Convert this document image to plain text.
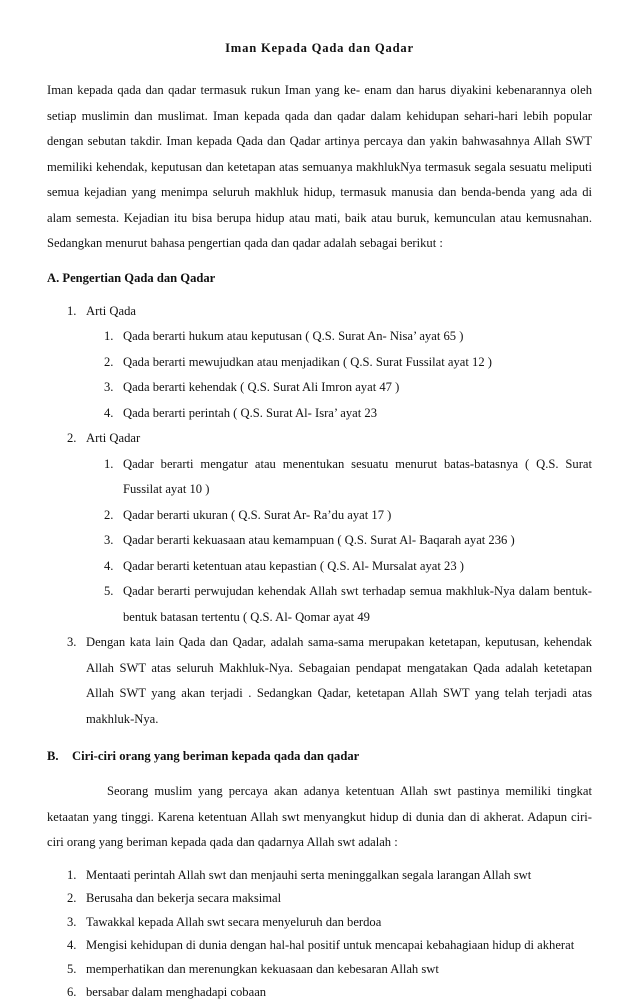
Iman Kepada Qada dan Qadar

Iman kepada qada dan qadar termasuk rukun Iman yang ke- enam dan harus diyakini kebenarannya oleh setiap muslimin dan muslimat. Iman kepada qada dan qadar dalam kehidupan sehari-hari lebih popular dengan sebutan takdir. Iman kepada Qada dan Qadar artinya percaya dan yakin bahwasahnya Allah SWT memiliki kehendak, keputusan dan ketetapan atas semuanya makhlukNya termasuk segala sesuatu meliputi semua kejadian yang menimpa seluruh makhluk hidup, termasuk manusia dan benda-benda yang ada di alam semesta. Kejadian itu bisa berupa hidup atau mati, baik atau buruk, kemunculan atau kemusnahan. Sedangkan menurut bahasa pengertian qada dan qadar adalah sebagai berikut :

A. Pengertian Qada dan Qadar
1. Arti Qada
1. Qada berarti hukum atau keputusan ( Q.S. Surat An- Nisa’ ayat 65 )
2. Qada berarti mewujudkan atau menjadikan ( Q.S. Surat Fussilat ayat 12 )
3. Qada berarti kehendak ( Q.S. Surat Ali Imron ayat 47 )
4. Qada berarti perintah ( Q.S. Surat Al- Isra’ ayat 23
2. Arti Qadar
1. Qadar berarti mengatur atau menentukan sesuatu menurut batas-batasnya ( Q.S. Surat Fussilat ayat 10 )
2. Qadar berarti ukuran ( Q.S. Surat Ar- Ra’du ayat 17 )
3. Qadar berarti kekuasaan atau kemampuan ( Q.S. Surat Al- Baqarah ayat 236 )
4. Qadar berarti ketentuan atau kepastian ( Q.S. Al- Mursalat ayat 23 )
5. Qadar berarti perwujudan kehendak Allah swt terhadap semua makhluk-Nya dalam bentuk-bentuk batasan tertentu ( Q.S. Al- Qomar ayat 49
3. Dengan kata lain Qada dan Qadar, adalah sama-sama merupakan ketetapan, keputusan, kehendak Allah SWT atas seluruh Makhluk-Nya. Sebagaian pendapat mengatakan Qada adalah ketetapan Allah SWT yang akan terjadi . Sedangkan Qadar, ketetapan Allah SWT yang telah terjadi atas makhluk-Nya.
B.	Ciri-ciri orang yang beriman kepada qada dan qadar

Seorang muslim yang percaya akan adanya ketentuan Allah swt pastinya memiliki tingkat ketaatan yang tinggi. Karena ketentuan Allah swt menyangkut hidup di dunia dan di akherat. Adapun ciri-ciri orang yang beriman kepada qada dan qadarnya Allah swt adalah :

1. Mentaati perintah Allah swt dan menjauhi serta meninggalkan segala larangan Allah swt
2. Berusaha dan bekerja secara maksimal
3. Tawakkal kepada Allah swt secara menyeluruh dan berdoa
4. Mengisi kehidupan di dunia dengan hal-hal positif untuk mencapai kebahagiaan hidup di akherat
5. memperhatikan dan merenungkan kekuasaan dan kebesaran Allah swt
6. bersabar dalam menghadapi cobaan
